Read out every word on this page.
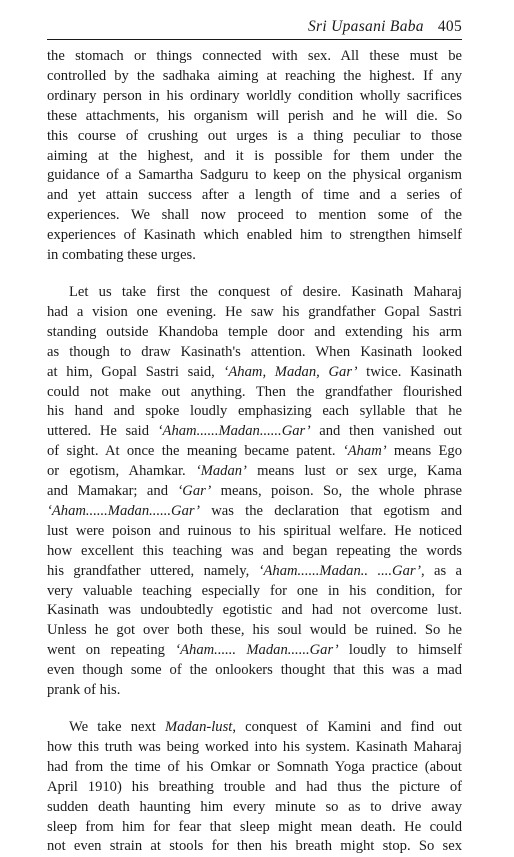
Sri Upasani Baba 405
the stomach or things connected with sex. All these must be
controlled by the sadhaka aiming at reaching the highest. If any
ordinary person in his ordinary worldly condition wholly sacrifices
these attachments, his organism will perish and he will die. So
this course of crushing out urges is a thing peculiar to those
aiming at the highest, and it is possible for them under the
guidance of a Samartha Sadguru to keep on the physical organism
and yet attain success after a length of time and a series of
experiences. We shall now proceed to mention some of the
experiences of Kasinath which enabled him to strengthen himself
in combating these urges.
Let us take first the conquest of desire. Kasinath Maharaj
had a vision one evening. He saw his grandfather Gopal Sastri
standing outside Khandoba temple door and extending his arm
as though to draw Kasinath's attention. When Kasinath looked
at him, Gopal Sastri said, ‘Aham, Madan, Gar’ twice. Kasinath
could not make out anything. Then the grandfather flourished
his hand and spoke loudly emphasizing each syllable that he
uttered. He said ‘Aham......Madan......Gar’ and then vanished out
of sight. At once the meaning became patent. ‘Aham’ means Ego
or egotism, Ahamkar. ‘Madan’ means lust or sex urge, Kama
and Mamakar; and ‘Gar’ means, poison. So, the whole phrase
‘Aham......Madan......Gar’ was the declaration that egotism and
lust were poison and ruinous to his spiritual welfare. He noticed
how excellent this teaching was and began repeating the words
his grandfather uttered, namely, ‘Aham......Madan.. ....Gar’, as a
very valuable teaching especially for one in his condition, for
Kasinath was undoubtedly egotistic and had not overcome lust.
Unless he got over both these, his soul would be ruined. So he
went on repeating ‘Aham...... Madan......Gar’ loudly to himself
even though some of the onlookers thought that this was a mad
prank of his.
We take next Madan-lust, conquest of Kamini and find out
how this truth was being worked into his system. Kasinath Maharaj
had from the time of his Omkar or Somnath Yoga practice (about
April 1910) his breathing trouble and had thus the picture of
sudden death haunting him every minute so as to drive away
sleep from him for fear that sleep might mean death. He could
not even strain at stools for then his breath might stop. So sex
